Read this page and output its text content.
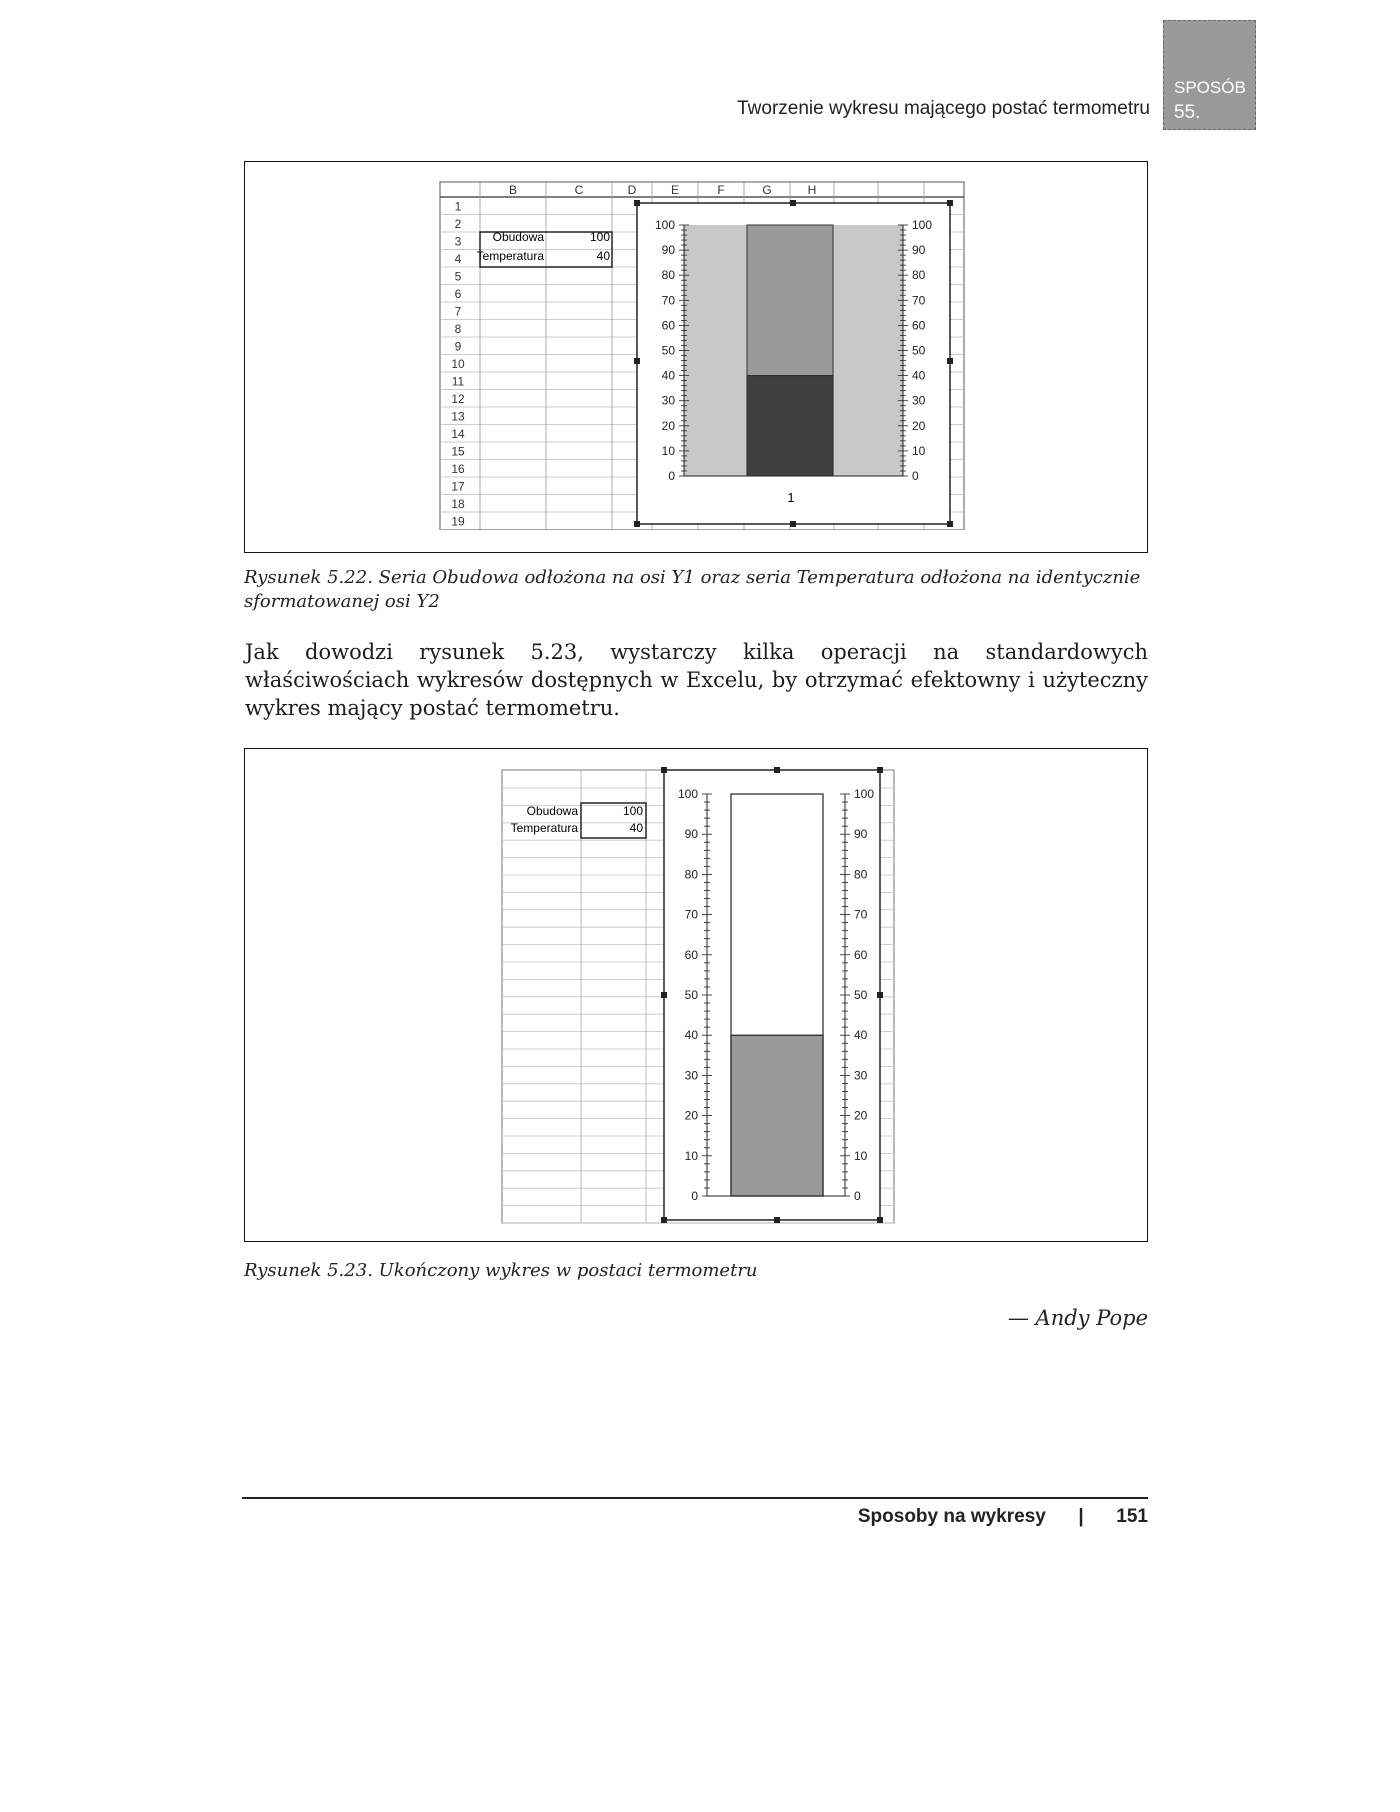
Tworzenie wykresu mającego postać termometru
SPOSÓB
55.
1
2
3
4
5
6
7
8
9
10
11
12
13
14
15
16
17
18
19
B	C	D	E	F	G	H
Obudowa	100
Temperatura	40
0
10
20
30
40
50
60
70
80
90
100
0
10
20
30
40
50
60
70
80
90
100
1
Rysunek 5.22. Seria Obudowa odłożona na osi Y1 oraz seria Temperatura odłożona na identycznie sformatowanej osi Y2
Jak dowodzi rysunek 5.23, wystarczy kilka operacji na standardowych właściwościach wykresów dostępnych w Excelu, by otrzymać efektowny i użyteczny wykres mający postać termometru.
Obudowa	100
Temperatura	40
0
10
20
30
40
50
60
70
80
90
100
0
10
20
30
40
50
60
70
80
90
100
Rysunek 5.23. Ukończony wykres w postaci termometru
— Andy Pope
Sposoby na wykresy | 151
